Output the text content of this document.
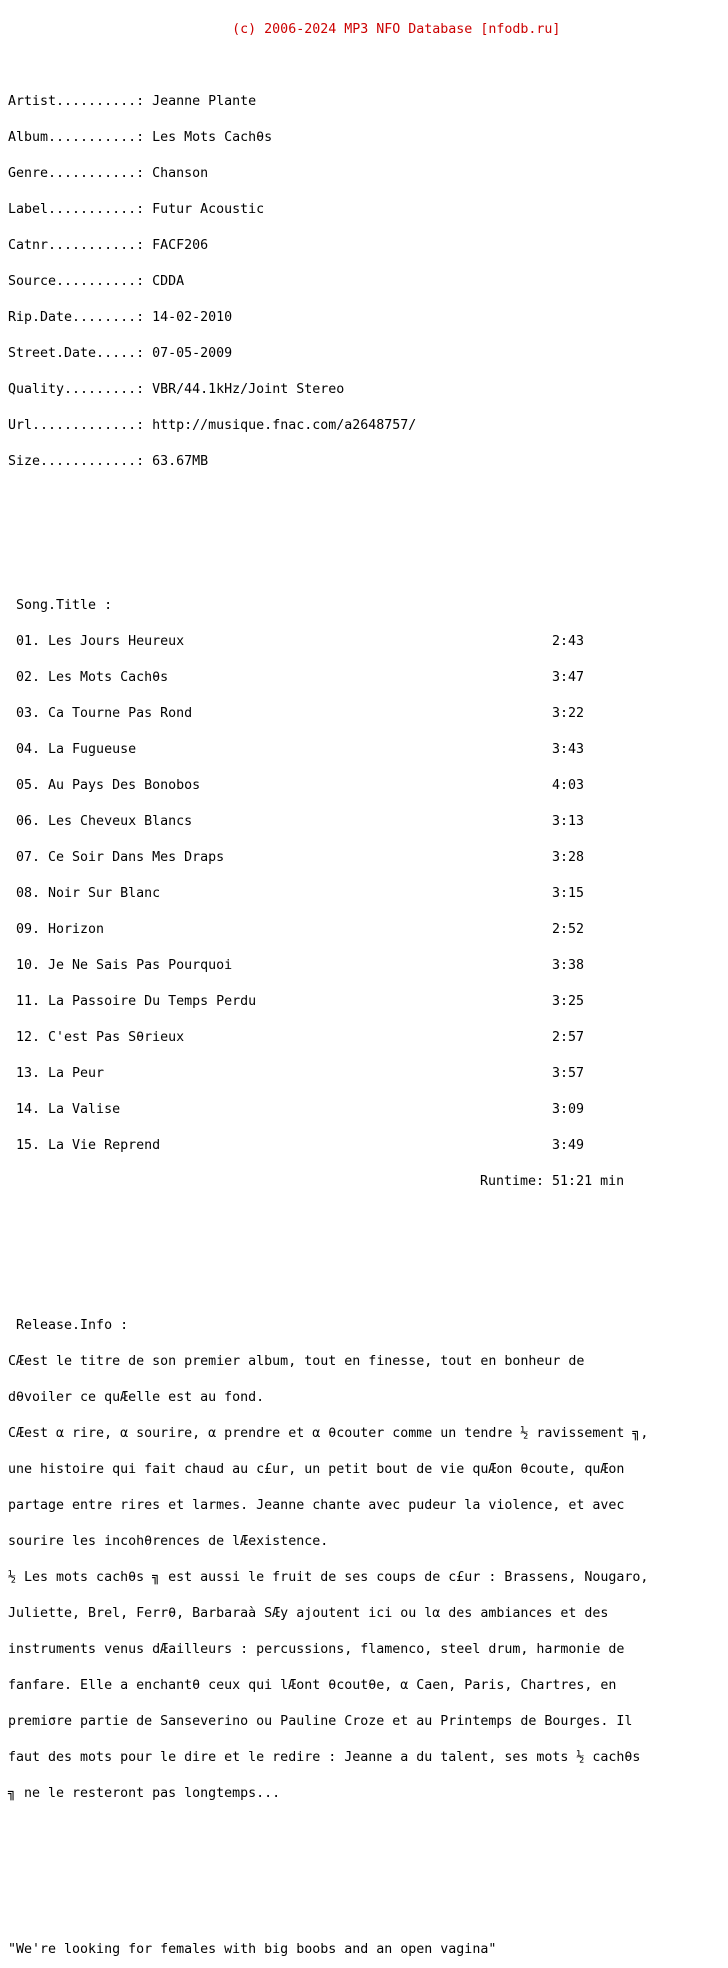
(c) 2006-2024 MP3 NFO Database [nfodb.ru]

Artist..........: Jeanne Plante

Album...........: Les Mots Cachθs

Genre...........: Chanson

Label...........: Futur Acoustic

Catnr...........: FACF206

Source..........: CDDA

Rip.Date........: 14-02-2010

Street.Date.....: 07-05-2009

Quality.........: VBR/44.1kHz/Joint Stereo

Url.............: http://musique.fnac.com/a2648757/

Size............: 63.67MB

Song.Title :

01. Les Jours Heureux	2:43

02. Les Mots Cachθs	3:47

03. Ca Tourne Pas Rond	3:22

04. La Fugueuse	3:43

05. Au Pays Des Bonobos	4:03

06. Les Cheveux Blancs	3:13

07. Ce Soir Dans Mes Draps	3:28

08. Noir Sur Blanc	3:15

09. Horizon	2:52

10. Je Ne Sais Pas Pourquoi	3:38

11. La Passoire Du Temps Perdu	3:25

12. C'est Pas Sθrieux	2:57

13. La Peur	3:57

14. La Valise	3:09

15. La Vie Reprend	3:49

Runtime: 51:21 min

Release.Info :

CÆest le titre de son premier album, tout en finesse, tout en bonheur de

dθvoiler ce quÆelle est au fond.

CÆest α rire, α sourire, α prendre et α θcouter comme un tendre ½ ravissement ╗,

une histoire qui fait chaud au c£ur, un petit bout de vie quÆon θcoute, quÆon

partage entre rires et larmes. Jeanne chante avec pudeur la violence, et avec

sourire les incohθrences de lÆexistence.

½ Les mots cachθs ╗ est aussi le fruit de ses coups de c£ur : Brassens, Nougaro,

Juliette, Brel, Ferrθ, Barbaraà SÆy ajoutent ici ou lα des ambiances et des

instruments venus dÆailleurs : percussions, flamenco, steel drum, harmonie de

fanfare. Elle a enchantθ ceux qui lÆont θcoutθe, α Caen, Paris, Chartres, en

premiσre partie de Sanseverino ou Pauline Croze et au Printemps de Bourges. Il

faut des mots pour le dire et le redire : Jeanne a du talent, ses mots ½ cachθs

╗ ne le resteront pas longtemps...

"We're looking for females with big boobs and an open vagina"
